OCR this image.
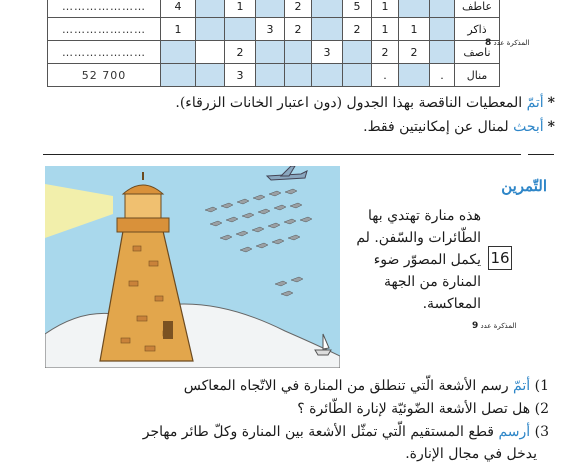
…………………	4		1		2		5	1			عاطف
…………………	1			3	2		2	1	1		ذاكر
…………………			2			3		2	2		ناصف
52 700			3					.		.	منال
المذكرة عدد 8
*أتمّ المعطيات الناقصة بهذا الجدول (دون اعتبار الخانات الزرقاء).
*أبحث لمنال عن إمكانيتين فقط.
التّمرين
هذه منارة تهتدي بها الطّائرات والسّفن. لم يكمل المصوّر ضوء المنارة من الجهة المعاكسة.
16
المذكرة عدد 9
1) أتمّ رسم الأشعة الّتي تنطلق من المنارة في الاتّجاه المعاكس
2) هل تصل الأشعة الضّوئيّة لإنارة الطّائرة ؟
3) أرسم قطع المستقيم الّتي تمثّل الأشعة بين المنارة وكلّ طائر مهاجر
يدخل في مجال الإنارة.
